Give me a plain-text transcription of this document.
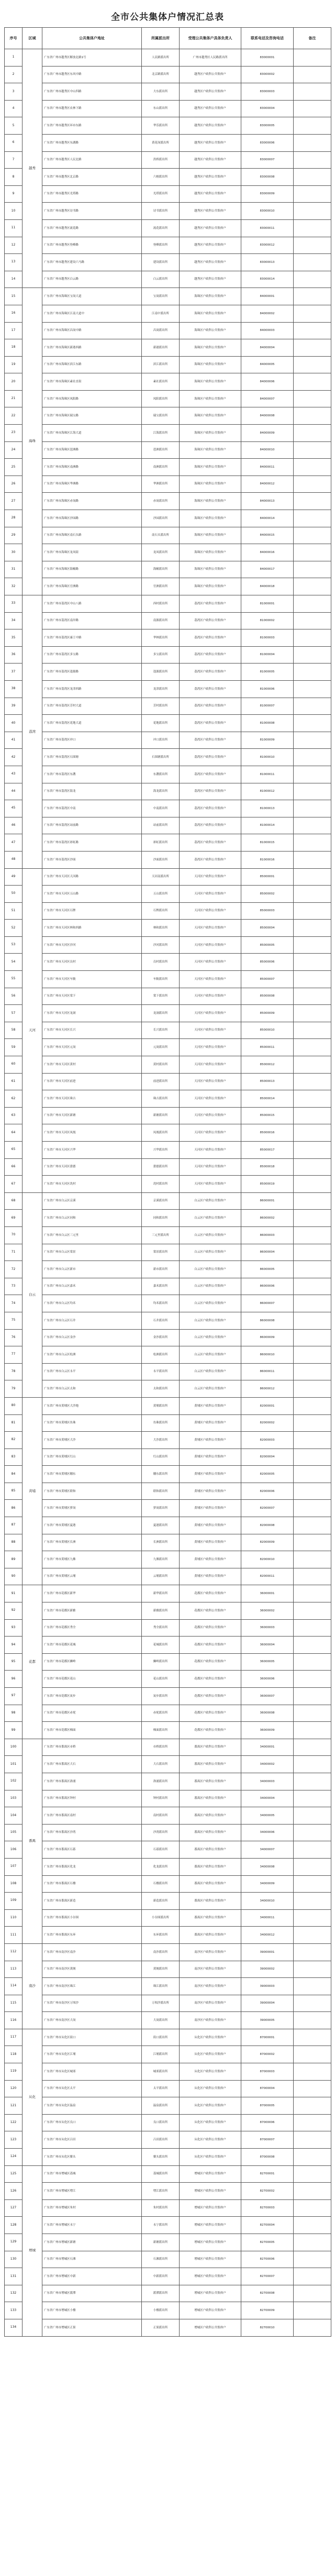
全市公共集体户情况汇总表
序号	区域	公共集体户地址	所属派出所	受理公共集体户具体负责人	联系电话及咨询电话	备注
1	越秀	广东省广州市越秀区解放北路1号	人民路派出所	广州市越秀区人民路派出所	83000001	
2		广东省广州市越秀区东风中路	北京路派出所	越秀区户政科公共集体户	83000002	
3		广东省广州市越秀区中山四路	大东派出所	越秀区户政科公共集体户	83000003	
4		广东省广州市越秀区农林下路	东山派出所	越秀区户政科公共集体户	83000004	
5		广东省广州市越秀区环市东路	华乐派出所	越秀区户政科公共集体户	83000005	
6		广东省广州市越秀区东湖路	黄花岗派出所	越秀区户政科公共集体户	83000006	
7		广东省广州市越秀区人民北路	洪桥派出所	越秀区户政科公共集体户	83000007	
8		广东省广州市越秀区北京路	六榕派出所	越秀区户政科公共集体户	83000008	
9		广东省广州市越秀区光塔路	光塔派出所	越秀区户政科公共集体户	83000009	
10		广东省广州市越秀区诗书路	诗书派出所	越秀区户政科公共集体户	83000010	
11		广东省广州市越秀区流花路	流花派出所	越秀区户政科公共集体户	83000011	
12		广东省广州市越秀区登峰路	登峰派出所	越秀区户政科公共集体户	83000012	
13		广东省广州市越秀区建设六马路	建设派出所	越秀区户政科公共集体户	83000013	
14		广东省广州市越秀区白云路	白云派出所	越秀区户政科公共集体户	83000014	
15	海珠	广东省广州市海珠区宝岗大道	宝岗派出所	海珠区户政科公共集体户	84000001	
16		广东省广州市海珠区江南大道中	江南中派出所	海珠区户政科公共集体户	84000002	
17		广东省广州市海珠区昌岗中路	昌岗派出所	海珠区户政科公共集体户	84000003	
18		广东省广州市海珠区新港西路	新港派出所	海珠区户政科公共集体户	84000004	
19		广东省广州市海珠区滨江东路	滨江派出所	海珠区户政科公共集体户	84000005	
20		广东省广州市海珠区素社直街	素社派出所	海珠区户政科公共集体户	84000006	
21		广东省广州市海珠区凤阳路	凤阳派出所	海珠区户政科公共集体户	84000007	
22		广东省广州市海珠区瑞宝路	瑞宝派出所	海珠区户政科公共集体户	84000008	
23		广东省广州市海珠区江海大道	江海派出所	海珠区户政科公共集体户	84000009	
24		广东省广州市海珠区琶洲路	琶洲派出所	海珠区户政科公共集体户	84000010	
25		广东省广州市海珠区南洲路	南洲派出所	海珠区户政科公共集体户	84000011	
26		广东省广州市海珠区华洲路	华洲派出所	海珠区户政科公共集体户	84000012	
27		广东省广州市海珠区赤岗路	赤岗派出所	海珠区户政科公共集体户	84000013	
28		广东省广州市海珠区沙园路	沙园派出所	海珠区户政科公共集体户	84000014	
29		广东省广州市海珠区南石头路	南石头派出所	海珠区户政科公共集体户	84000015	
30		广东省广州市海珠区龙凤街	龙凤派出所	海珠区户政科公共集体户	84000016	
31		广东省广州市海珠区海幢路	海幢派出所	海珠区户政科公共集体户	84000017	
32		广东省广州市海珠区官洲路	官洲派出所	海珠区户政科公共集体户	84000018	
33	荔湾	广东省广州市荔湾区中山八路	西村派出所	荔湾区户政科公共集体户	81000001	
34		广东省广州市荔湾区南岸路	南源派出所	荔湾区户政科公共集体户	81000002	
35		广东省广州市荔湾区康王中路	华林派出所	荔湾区户政科公共集体户	81000003	
36		广东省广州市荔湾区多宝路	多宝派出所	荔湾区户政科公共集体户	81000004	
37		广东省广州市荔湾区逢源路	逢源派出所	荔湾区户政科公共集体户	81000005	
38		广东省广州市荔湾区龙津西路	龙津派出所	荔湾区户政科公共集体户	81000006	
39		广东省广州市荔湾区芳村大道	芳村派出所	荔湾区户政科公共集体户	81000007	
40		广东省广州市荔湾区花地大道	花地派出所	荔湾区户政科公共集体户	81000008	
41		广东省广州市荔湾区冲口	冲口派出所	荔湾区户政科公共集体户	81000009	
42		广东省广州市荔湾区石围塘	石围塘派出所	荔湾区户政科公共集体户	81000010	
43		广东省广州市荔湾区东漖	东漖派出所	荔湾区户政科公共集体户	81000011	
44		广东省广州市荔湾区海龙	海龙派出所	荔湾区户政科公共集体户	81000012	
45		广东省广州市荔湾区中南	中南派出所	荔湾区户政科公共集体户	81000013	
46		广东省广州市荔湾区站前路	站前派出所	荔湾区户政科公共集体户	81000014	
47		广东省广州市荔湾区彩虹路	彩虹派出所	荔湾区户政科公共集体户	81000015	
48		广东省广州市荔湾区沙面	沙面派出所	荔湾区户政科公共集体户	81000016	
49	天河	广东省广州市天河区天河路	天河南派出所	天河区户政科公共集体户	85000001	
50		广东省广州市天河区五山路	五山派出所	天河区户政科公共集体户	85000002	
51		广东省广州市天河区石牌	石牌派出所	天河区户政科公共集体户	85000003	
52		广东省广州市天河区林和西路	林和派出所	天河区户政科公共集体户	85000004	
53		广东省广州市天河区沙河	沙河派出所	天河区户政科公共集体户	85000005	
54		广东省广州市天河区员村	员村派出所	天河区户政科公共集体户	85000006	
55		广东省广州市天河区车陂	车陂派出所	天河区户政科公共集体户	85000007	
56		广东省广州市天河区棠下	棠下派出所	天河区户政科公共集体户	85000008	
57		广东省广州市天河区龙洞	龙洞派出所	天河区户政科公共集体户	85000009	
58		广东省广州市天河区长兴	长兴派出所	天河区户政科公共集体户	85000010	
59		广东省广州市天河区元岗	元岗派出所	天河区户政科公共集体户	85000011	
60		广东省广州市天河区黄村	黄村派出所	天河区户政科公共集体户	85000012	
61		广东省广州市天河区前进	前进派出所	天河区户政科公共集体户	85000013	
62		广东省广州市天河区珠吉	珠吉派出所	天河区户政科公共集体户	85000014	
63		广东省广州市天河区新塘	新塘派出所	天河区户政科公共集体户	85000015	
64		广东省广州市天河区凤凰	凤凰派出所	天河区户政科公共集体户	85000016	
65		广东省广州市天河区兴华	兴华派出所	天河区户政科公共集体户	85000017	
66		广东省广州市天河区猎德	猎德派出所	天河区户政科公共集体户	85000018	
67		广东省广州市天河区冼村	冼村派出所	天河区户政科公共集体户	85000019	
68	白云	广东省广州市白云区京溪	京溪派出所	白云区户政科公共集体户	86000001	
69		广东省广州市白云区同和	同和派出所	白云区户政科公共集体户	86000002	
70		广东省广州市白云区三元里	三元里派出所	白云区户政科公共集体户	86000003	
71		广东省广州市白云区棠景	棠景派出所	白云区户政科公共集体户	86000004	
72		广东省广州市白云区新市	新市派出所	白云区户政科公共集体户	86000005	
73		广东省广州市白云区嘉禾	嘉禾派出所	白云区户政科公共集体户	86000006	
74		广东省广州市白云区均禾	均禾派出所	白云区户政科公共集体户	86000007	
75		广东省广州市白云区石井	石井派出所	白云区户政科公共集体户	86000008	
76		广东省广州市白云区金沙	金沙派出所	白云区户政科公共集体户	86000009	
77		广东省广州市白云区松洲	松洲派出所	白云区户政科公共集体户	86000010	
78		广东省广州市白云区永平	永平派出所	白云区户政科公共集体户	86000011	
79		广东省广州市白云区太和	太和派出所	白云区户政科公共集体户	86000012	
80	黄埔	广东省广州市黄埔区大沙地	黄埔派出所	黄埔区户政科公共集体户	82000001	
81		广东省广州市黄埔区鱼珠	鱼珠派出所	黄埔区户政科公共集体户	82000002	
82		广东省广州市黄埔区大沙	大沙派出所	黄埔区户政科公共集体户	82000003	
83		广东省广州市黄埔区红山	红山派出所	黄埔区户政科公共集体户	82000004	
84		广东省广州市黄埔区穗东	穗东派出所	黄埔区户政科公共集体户	82000005	
85		广东省广州市黄埔区联和	联和派出所	黄埔区户政科公共集体户	82000006	
86		广东省广州市黄埔区萝岗	萝岗派出所	黄埔区户政科公共集体户	82000007	
87		广东省广州市黄埔区夏港	夏港派出所	黄埔区户政科公共集体户	82000008	
88		广东省广州市黄埔区长洲	长洲派出所	黄埔区户政科公共集体户	82000009	
89		广东省广州市黄埔区九佛	九佛派出所	黄埔区户政科公共集体户	82000010	
90		广东省广州市黄埔区云埔	云埔派出所	黄埔区户政科公共集体户	82000011	
91	花都	广东省广州市花都区新华	新华派出所	花都区户政科公共集体户	36000001	
92		广东省广州市花都区新雅	新雅派出所	花都区户政科公共集体户	36000002	
93		广东省广州市花都区秀全	秀全派出所	花都区户政科公共集体户	36000003	
94		广东省广州市花都区花城	花城派出所	花都区户政科公共集体户	36000004	
95		广东省广州市花都区狮岭	狮岭派出所	花都区户政科公共集体户	36000005	
96		广东省广州市花都区花山	花山派出所	花都区户政科公共集体户	36000006	
97		广东省广州市花都区炭步	炭步派出所	花都区户政科公共集体户	36000007	
98		广东省广州市花都区赤坭	赤坭派出所	花都区户政科公共集体户	36000008	
99		广东省广州市花都区梯面	梯面派出所	花都区户政科公共集体户	36000009	
100	番禺	广东省广州市番禺区市桥	市桥派出所	番禺区户政科公共集体户	34000001	
101		广东省广州市番禺区大石	大石派出所	番禺区户政科公共集体户	34000002	
102		广东省广州市番禺区洛浦	洛浦派出所	番禺区户政科公共集体户	34000003	
103		广东省广州市番禺区钟村	钟村派出所	番禺区户政科公共集体户	34000004	
104		广东省广州市番禺区南村	南村派出所	番禺区户政科公共集体户	34000005	
105		广东省广州市番禺区沙湾	沙湾派出所	番禺区户政科公共集体户	34000006	
106		广东省广州市番禺区石碁	石碁派出所	番禺区户政科公共集体户	34000007	
107		广东省广州市番禺区化龙	化龙派出所	番禺区户政科公共集体户	34000008	
108		广东省广州市番禺区石楼	石楼派出所	番禺区户政科公共集体户	34000009	
109		广东省广州市番禺区新造	新造派出所	番禺区户政科公共集体户	34000010	
110		广东省广州市番禺区小谷围	小谷围派出所	番禺区户政科公共集体户	34000011	
111		广东省广州市番禺区东环	东环派出所	番禺区户政科公共集体户	34000012	
112	南沙	广东省广州市南沙区南沙	南沙派出所	南沙区户政科公共集体户	39000001	
113		广东省广州市南沙区黄阁	黄阁派出所	南沙区户政科公共集体户	39000002	
114		广东省广州市南沙区珠江	珠江派出所	南沙区户政科公共集体户	39000003	
115		广东省广州市南沙区万顷沙	万顷沙派出所	南沙区户政科公共集体户	39000004	
116		广东省广州市南沙区大岗	大岗派出所	南沙区户政科公共集体户	39000005	
117	从化	广东省广州市从化区街口	街口派出所	从化区户政科公共集体户	87000001	
118		广东省广州市从化区江埔	江埔派出所	从化区户政科公共集体户	87000002	
119		广东省广州市从化区城郊	城郊派出所	从化区户政科公共集体户	87000003	
120		广东省广州市从化区太平	太平派出所	从化区户政科公共集体户	87000004	
121		广东省广州市从化区温泉	温泉派出所	从化区户政科公共集体户	87000005	
122		广东省广州市从化区良口	良口派出所	从化区户政科公共集体户	87000006	
123		广东省广州市从化区吕田	吕田派出所	从化区户政科公共集体户	87000007	
124		广东省广州市从化区鳌头	鳌头派出所	从化区户政科公共集体户	87000008	
125	增城	广东省广州市增城区荔城	荔城派出所	增城区户政科公共集体户	82700001	
126		广东省广州市增城区增江	增江派出所	增城区户政科公共集体户	82700002	
127		广东省广州市增城区朱村	朱村派出所	增城区户政科公共集体户	82700003	
128		广东省广州市增城区永宁	永宁派出所	增城区户政科公共集体户	82700004	
129		广东省广州市增城区新塘	新塘派出所	增城区户政科公共集体户	82700005	
130		广东省广州市增城区石滩	石滩派出所	增城区户政科公共集体户	82700006	
131		广东省广州市增城区中新	中新派出所	增城区户政科公共集体户	82700007	
132		广东省广州市增城区派潭	派潭派出所	增城区户政科公共集体户	82700008	
133		广东省广州市增城区小楼	小楼派出所	增城区户政科公共集体户	82700009	
134		广东省广州市增城区正果	正果派出所	增城区户政科公共集体户	82700010	
